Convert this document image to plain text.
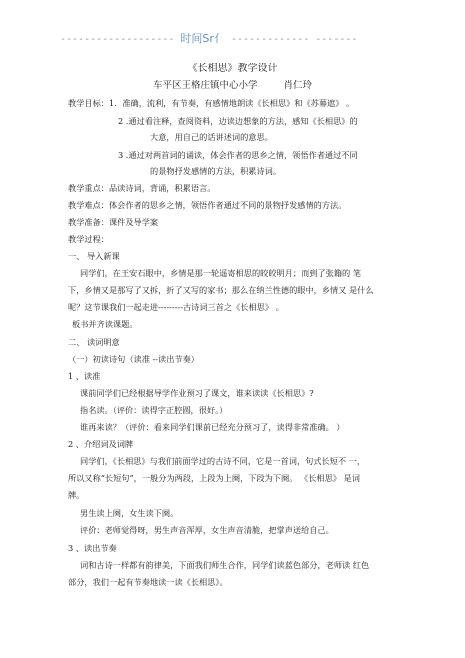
------------------- 时间Sr亻 ------------- -------
《长相思》教学设计
车平区王格庄镇中心小学	肖仁玲
教学目标：1．准确，流利，有节奏，有感情地朗读《长相思》和《苏幕遮》 。
2 .通过看注释，查阅资料，边读边想象的方法，感知《长相思》的
大意，用自己的话讲述词的意思。
3 .通过对两首词的诵读，体会作者的思乡之情，领悟作者通过不同
的景物抒发感情的方法，积累诗词。
教学重点：品读诗词，背诵，积累语言。
教学难点：体会作者的思乡之情，领悟作者通过不同的景物抒发感情的方法。
教学准备：课件及导学案
教学过程：
一、 导入新课
同学们，在王安石眼中，乡情是那一轮遥寄相思的皎皎明月；而到了张籍的 笔
下，乡情又是那写了又拆，折了又写的家书；那么在纳兰性德的眼中，乡情又 是什么
呢？这节课我们一起走进---------古诗词三首之《长相思》 。
板书并齐读课题。
二、 读词明意
（一）初读诗句（读准 --读出节奏）
1 、读准
课前同学们已经根据导学作业预习了课文，谁来读读《长相思》?
指名读。（评价：读得字正腔圆，很好。）
谁再来读？（评价：看来同学们课前已经充分预习了，读得非常准确。 ）
2 、介绍词及词牌
同学们，《长相思》与我们前面学过的古诗不同，它是一首词，句式长短不 一，
所以又称“长短句”，一般分为两段，上段为上阕，下段为下阕。 《长相思》 是词
牌。
男生读上阕，女生读下阕。
评价：老师觉得呀，男生声音浑厚，女生声音清脆，把掌声送给自己。
3 、读出节奏
词和古诗一样都有韵律美，下面我们师生合作，同学们读蓝色部分，老师读 红色
部分，我们一起有节奏地读一读《长相思》。
